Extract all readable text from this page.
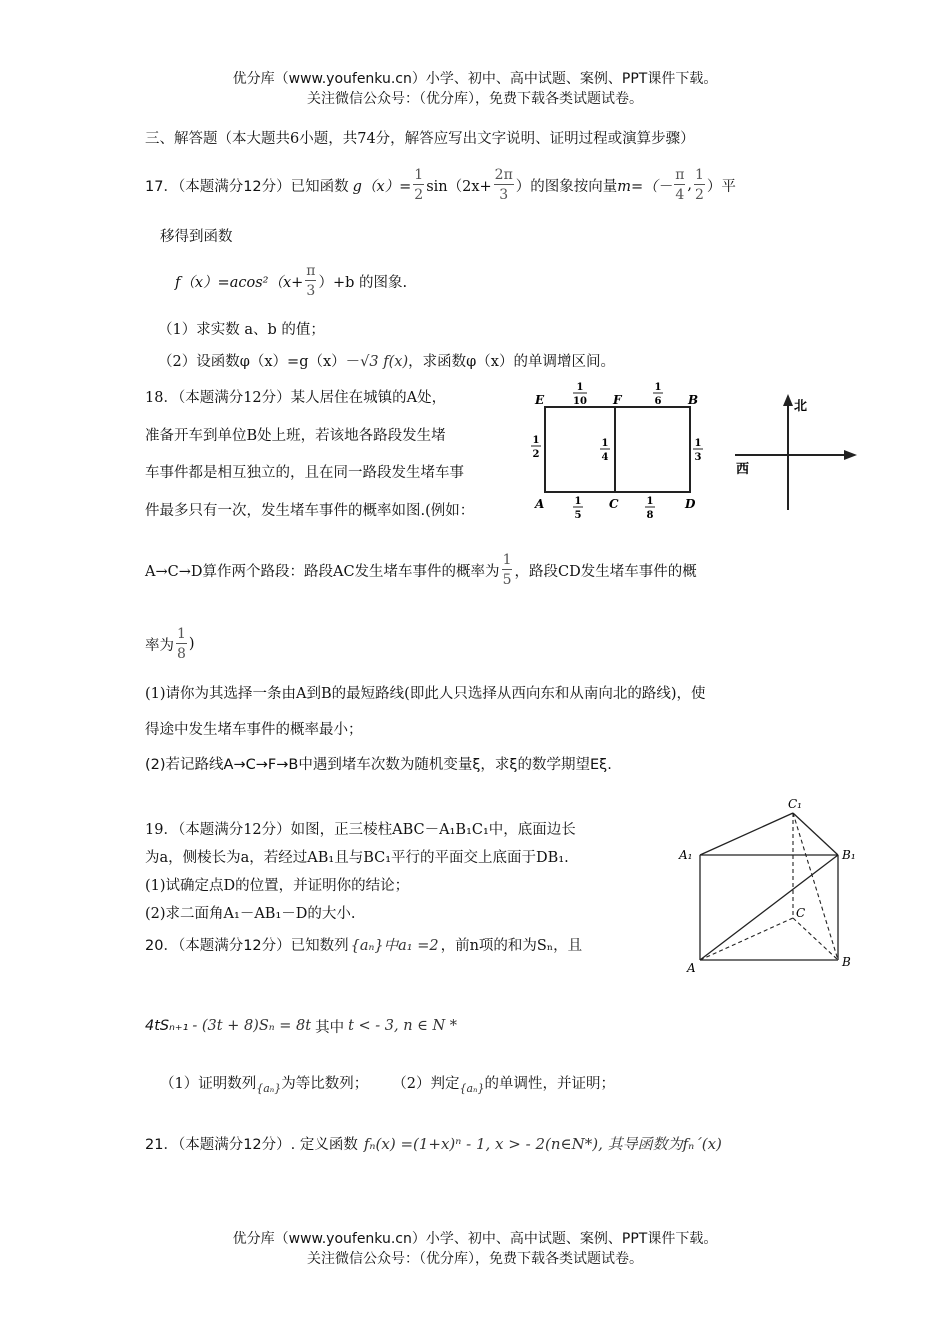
优分库（www.youfenku.cn）小学、初中、高中试题、案例、PPT课件下载。
关注微信公众号：（优分库），免费下载各类试题试卷。
三、解答题（本大题共6小题，共74分，解答应写出文字说明、证明过程或演算步骤）
17．（本题满分12分）已知函数 $g(x)= \frac{1}{2} \sin(2x+ \frac{2\pi}{3}$ ）的图象按向量 $m=(- \frac{\pi}{4}$ , $\frac{1}{2}$ ）平
移得到函数
$f(x)=acos^2(x+ \frac{\pi}{3} )+b$ 的图象.
（1）求实数 a、b 的值；
（2）设函数φ（x）=g（x）－√3 f(x)，求函数φ（x）的单调增区间。
18．（本题满分12分）某人居住在城镇的A处，
准备开车到单位B处上班，若该地各路段发生堵
车事件都是相互独立的，且在同一路段发生堵车事
件最多只有一次，发生堵车事件的概率如图.(例如：
E	F	B
A	C	D
1
10
1
6
1
2
1
4
1
3
1
5
1
8
北
西
A→C→D算作两个路段：路段AC发生堵车事件的概率为 $\frac{1}{5}$ ，路段CD发生堵车事件的概
率为 $\frac{1}{8}$ )
(1)请你为其选择一条由A到B的最短路线(即此人只选择从西向东和从南向北的路线)，使
得途中发生堵车事件的概率最小；
(2)若记路线A→C→F→B中遇到堵车次数为随机变量ξ，求ξ的数学期望Eξ.
19．（本题满分12分）如图，正三棱柱ABC－A₁B₁C₁中，底面边长
为a，侧棱长为a，若经过AB₁且与BC₁平行的平面交上底面于DB₁.
(1)试确定点D的位置，并证明你的结论；
(2)求二面角A₁－AB₁－D的大小.
C₁
A₁	B₁
C
A	B
20．（本题满分12分）已知数列 {aₙ}中a₁ =2 ，前n项的和为Sₙ，且
4tSₙ₊₁ - (3t + 8)Sₙ = 8t 其中 t < - 3, n ∈ N *
（1）证明数列 {aₙ} 为等比数列； （2）判定 {aₙ} 的单调性，并证明；
21．（本题满分12分）. 定义函数 fₙ(x) =(1+x)ⁿ - 1, x > - 2(n∈N*), 其导函数为fₙ´(x)
优分库（www.youfenku.cn）小学、初中、高中试题、案例、PPT课件下载。
关注微信公众号：（优分库），免费下载各类试题试卷。
